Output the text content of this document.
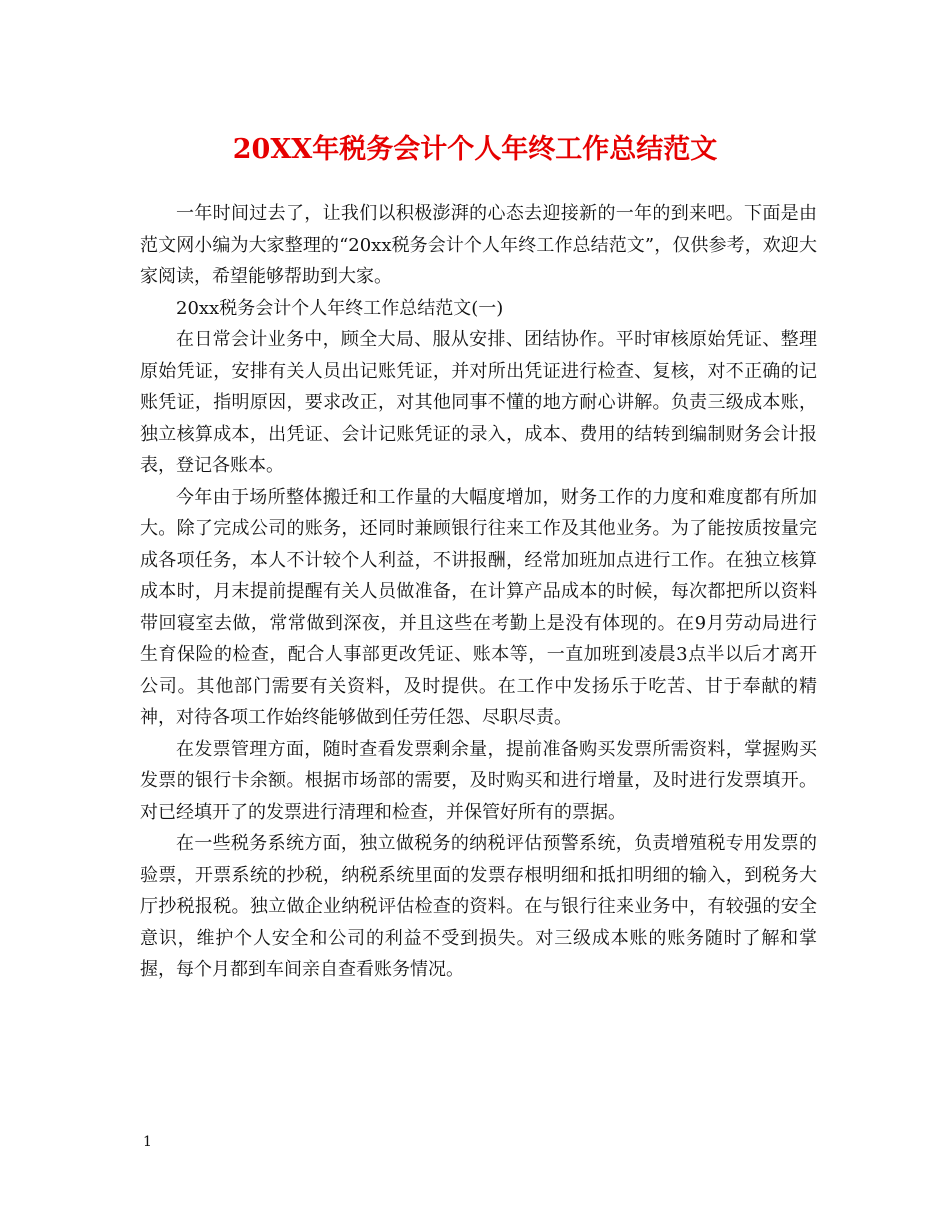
20XX年税务会计个人年终工作总结范文

一年时间过去了，让我们以积极澎湃的心态去迎接新的一年的到来吧。下面是由范文网小编为大家整理的“20xx税务会计个人年终工作总结范文”，仅供参考，欢迎大家阅读，希望能够帮助到大家。

20xx税务会计个人年终工作总结范文(一)

在日常会计业务中，顾全大局、服从安排、团结协作。平时审核原始凭证、整理原始凭证，安排有关人员出记账凭证，并对所出凭证进行检查、复核，对不正确的记账凭证，指明原因，要求改正，对其他同事不懂的地方耐心讲解。负责三级成本账，独立核算成本，出凭证、会计记账凭证的录入，成本、费用的结转到编制财务会计报表，登记各账本。

今年由于场所整体搬迁和工作量的大幅度增加，财务工作的力度和难度都有所加大。除了完成公司的账务，还同时兼顾银行往来工作及其他业务。为了能按质按量完成各项任务，本人不计较个人利益，不讲报酬，经常加班加点进行工作。在独立核算成本时，月末提前提醒有关人员做准备，在计算产品成本的时候，每次都把所以资料带回寝室去做，常常做到深夜，并且这些在考勤上是没有体现的。在9月劳动局进行生育保险的检查，配合人事部更改凭证、账本等，一直加班到凌晨3点半以后才离开公司。其他部门需要有关资料，及时提供。在工作中发扬乐于吃苦、甘于奉献的精神，对待各项工作始终能够做到任劳任怨、尽职尽责。

在发票管理方面，随时查看发票剩余量，提前准备购买发票所需资料，掌握购买发票的银行卡余额。根据市场部的需要，及时购买和进行增量，及时进行发票填开。对已经填开了的发票进行清理和检查，并保管好所有的票据。

在一些税务系统方面，独立做税务的纳税评估预警系统，负责增殖税专用发票的验票，开票系统的抄税，纳税系统里面的发票存根明细和抵扣明细的输入，到税务大厅抄税报税。独立做企业纳税评估检查的资料。在与银行往来业务中，有较强的安全意识，维护个人安全和公司的利益不受到损失。对三级成本账的账务随时了解和掌握，每个月都到车间亲自查看账务情况。

1
